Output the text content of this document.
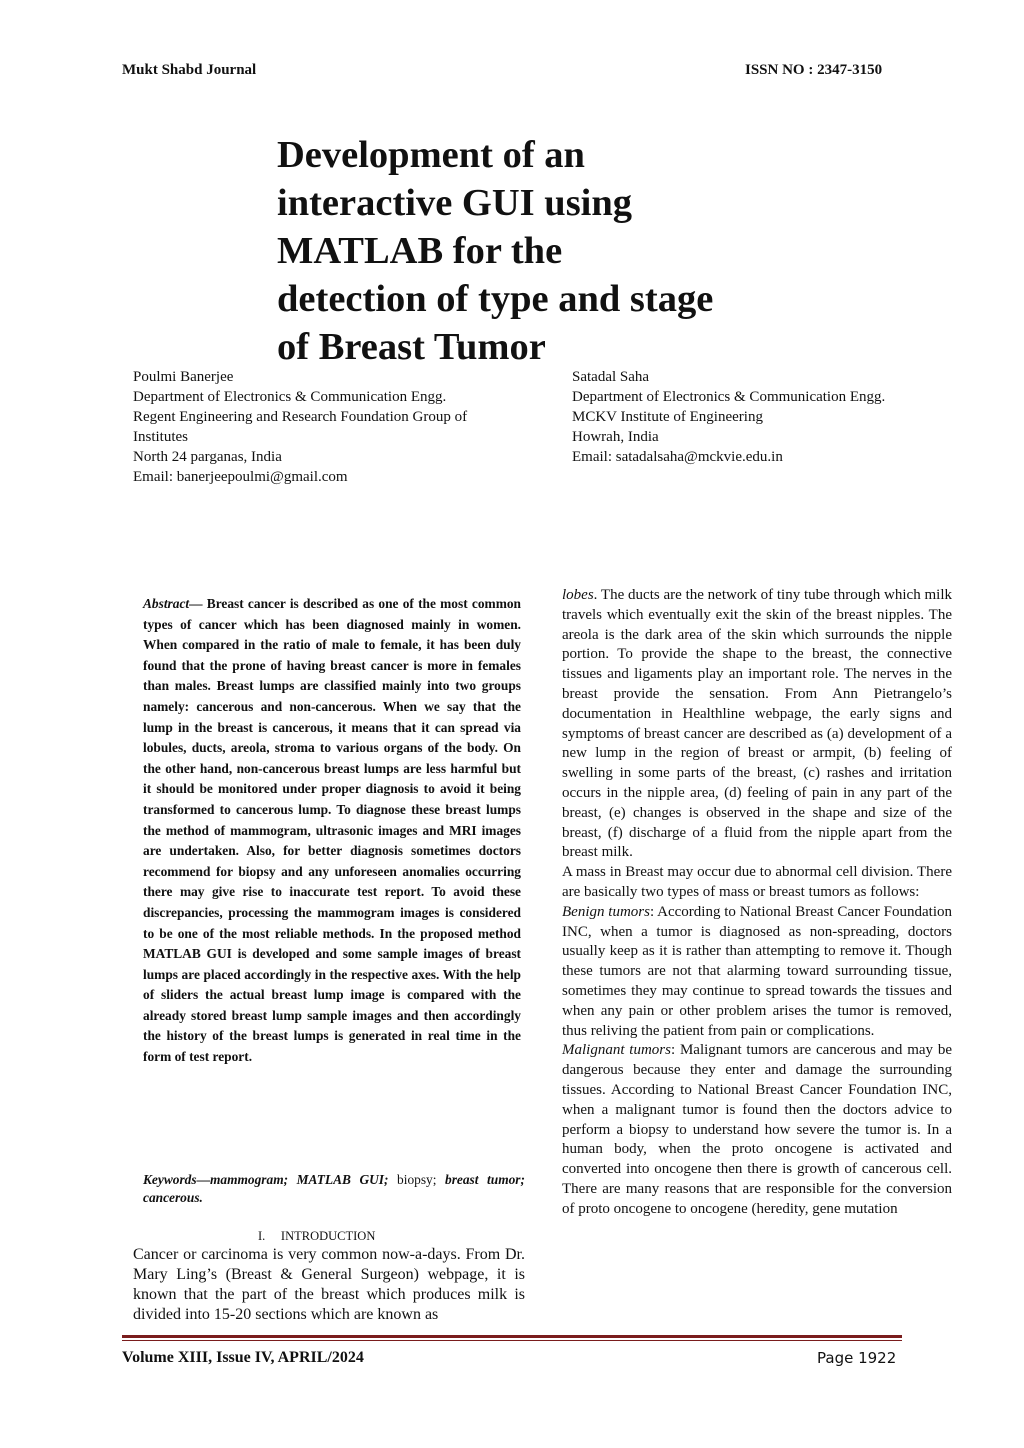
Mukt Shabd Journal	ISSN NO : 2347-3150
Development of an
interactive GUI using
MATLAB for the
detection of type and stage
of Breast Tumor
Poulmi Banerjee
Department of Electronics & Communication Engg.
Regent Engineering and Research Foundation Group of
Institutes
North 24 parganas, India
Email: banerjeepoulmi@gmail.com
Satadal Saha
Department of Electronics & Communication Engg.
MCKV Institute of Engineering
Howrah, India
Email: satadalsaha@mckvie.edu.in

Abstract— Breast cancer is described as one of the most common types of cancer which has been diagnosed mainly in women. When compared in the ratio of male to female, it has been duly found that the prone of having breast cancer is more in females than males. Breast lumps are classified mainly into two groups namely: cancerous and non-cancerous. When we say that the lump in the breast is cancerous, it means that it can spread via lobules, ducts, areola, stroma to various organs of the body. On the other hand, non-cancerous breast lumps are less harmful but it should be monitored under proper diagnosis to avoid it being transformed to cancerous lump. To diagnose these breast lumps the method of mammogram, ultrasonic images and MRI images are undertaken. Also, for better diagnosis sometimes doctors recommend for biopsy and any unforeseen anomalies occurring there may give rise to inaccurate test report. To avoid these discrepancies, processing the mammogram images is considered to be one of the most reliable methods. In the proposed method MATLAB GUI is developed and some sample images of breast lumps are placed accordingly in the respective axes. With the help of sliders the actual breast lump image is compared with the already stored breast lump sample images and then accordingly the history of the breast lumps is generated in real time in the form of test report.

Keywords—mammogram; MATLAB GUI; biopsy; breast tumor; cancerous.
I.     INTRODUCTION
Cancer or carcinoma is very common now-a-days. From Dr. Mary Ling’s (Breast & General Surgeon) webpage, it is known that the part of the breast which produces milk is divided into 15-20 sections which are known as

lobes. The ducts are the network of tiny tube through which milk travels which eventually exit the skin of the breast nipples. The areola is the dark area of the skin which surrounds the nipple portion. To provide the shape to the breast, the connective tissues and ligaments play an important role. The nerves in the breast provide the sensation. From Ann Pietrangelo’s documentation in Healthline webpage, the early signs and symptoms of breast cancer are described as (a) development of a new lump in the region of breast or armpit, (b) feeling of swelling in some parts of the breast, (c) rashes and irritation occurs in the nipple area, (d) feeling of pain in any part of the breast, (e) changes is observed in the shape and size of the breast, (f) discharge of a fluid from the nipple apart from the breast milk.

A mass in Breast may occur due to abnormal cell division. There are basically two types of mass or breast tumors as follows:

Benign tumors: According to National Breast Cancer Foundation INC, when a tumor is diagnosed as non-spreading, doctors usually keep as it is rather than attempting to remove it. Though these tumors are not that alarming toward surrounding tissue, sometimes they may continue to spread towards the tissues and when any pain or other problem arises the tumor is removed, thus reliving the patient from pain or complications.

Malignant tumors: Malignant tumors are cancerous and may be dangerous because they enter and damage the surrounding tissues. According to National Breast Cancer Foundation INC, when a malignant tumor is found then the doctors advice to perform a biopsy to understand how severe the tumor is. In a human body, when the proto oncogene is activated and converted into oncogene then there is growth of cancerous cell. There are many reasons that are responsible for the conversion of proto oncogene to oncogene (heredity, gene mutation

Volume XIII, Issue IV, APRIL/2024	Page 1922
